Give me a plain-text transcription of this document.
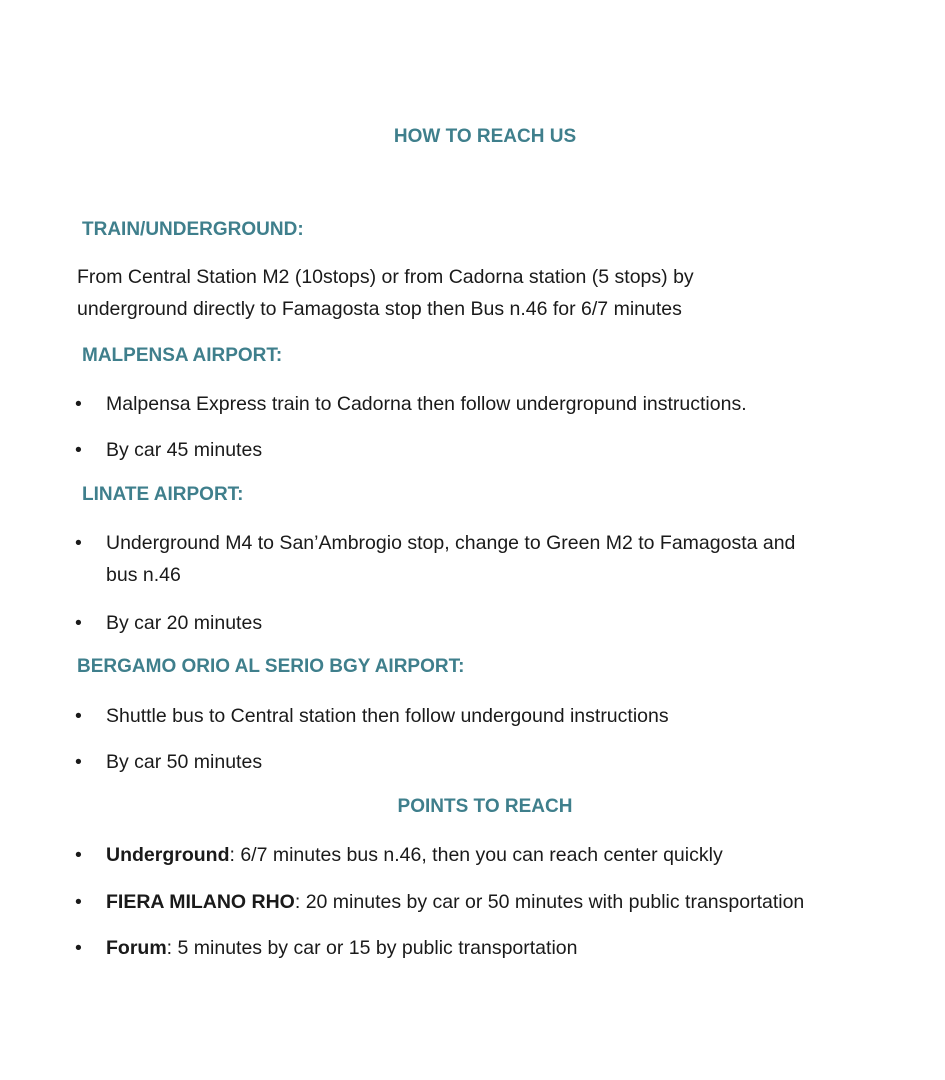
HOW TO REACH US
TRAIN/UNDERGROUND:
From Central Station M2 (10stops) or from Cadorna station (5 stops) by
underground directly to Famagosta stop then Bus n.46 for 6/7 minutes
MALPENSA AIRPORT:
• Malpensa Express train to Cadorna then follow undergropund instructions.
• By car 45 minutes
LINATE AIRPORT:
• Underground M4 to San’Ambrogio stop, change to Green M2 to Famagosta and
bus n.46
• By car 20 minutes
BERGAMO ORIO AL SERIO BGY AIRPORT:
• Shuttle bus to Central station then follow undergound instructions
• By car 50 minutes
POINTS TO REACH
• Underground: 6/7 minutes bus n.46, then you can reach center quickly
• FIERA MILANO RHO: 20 minutes by car or 50 minutes with public transportation
• Forum: 5 minutes by car or 15 by public transportation
